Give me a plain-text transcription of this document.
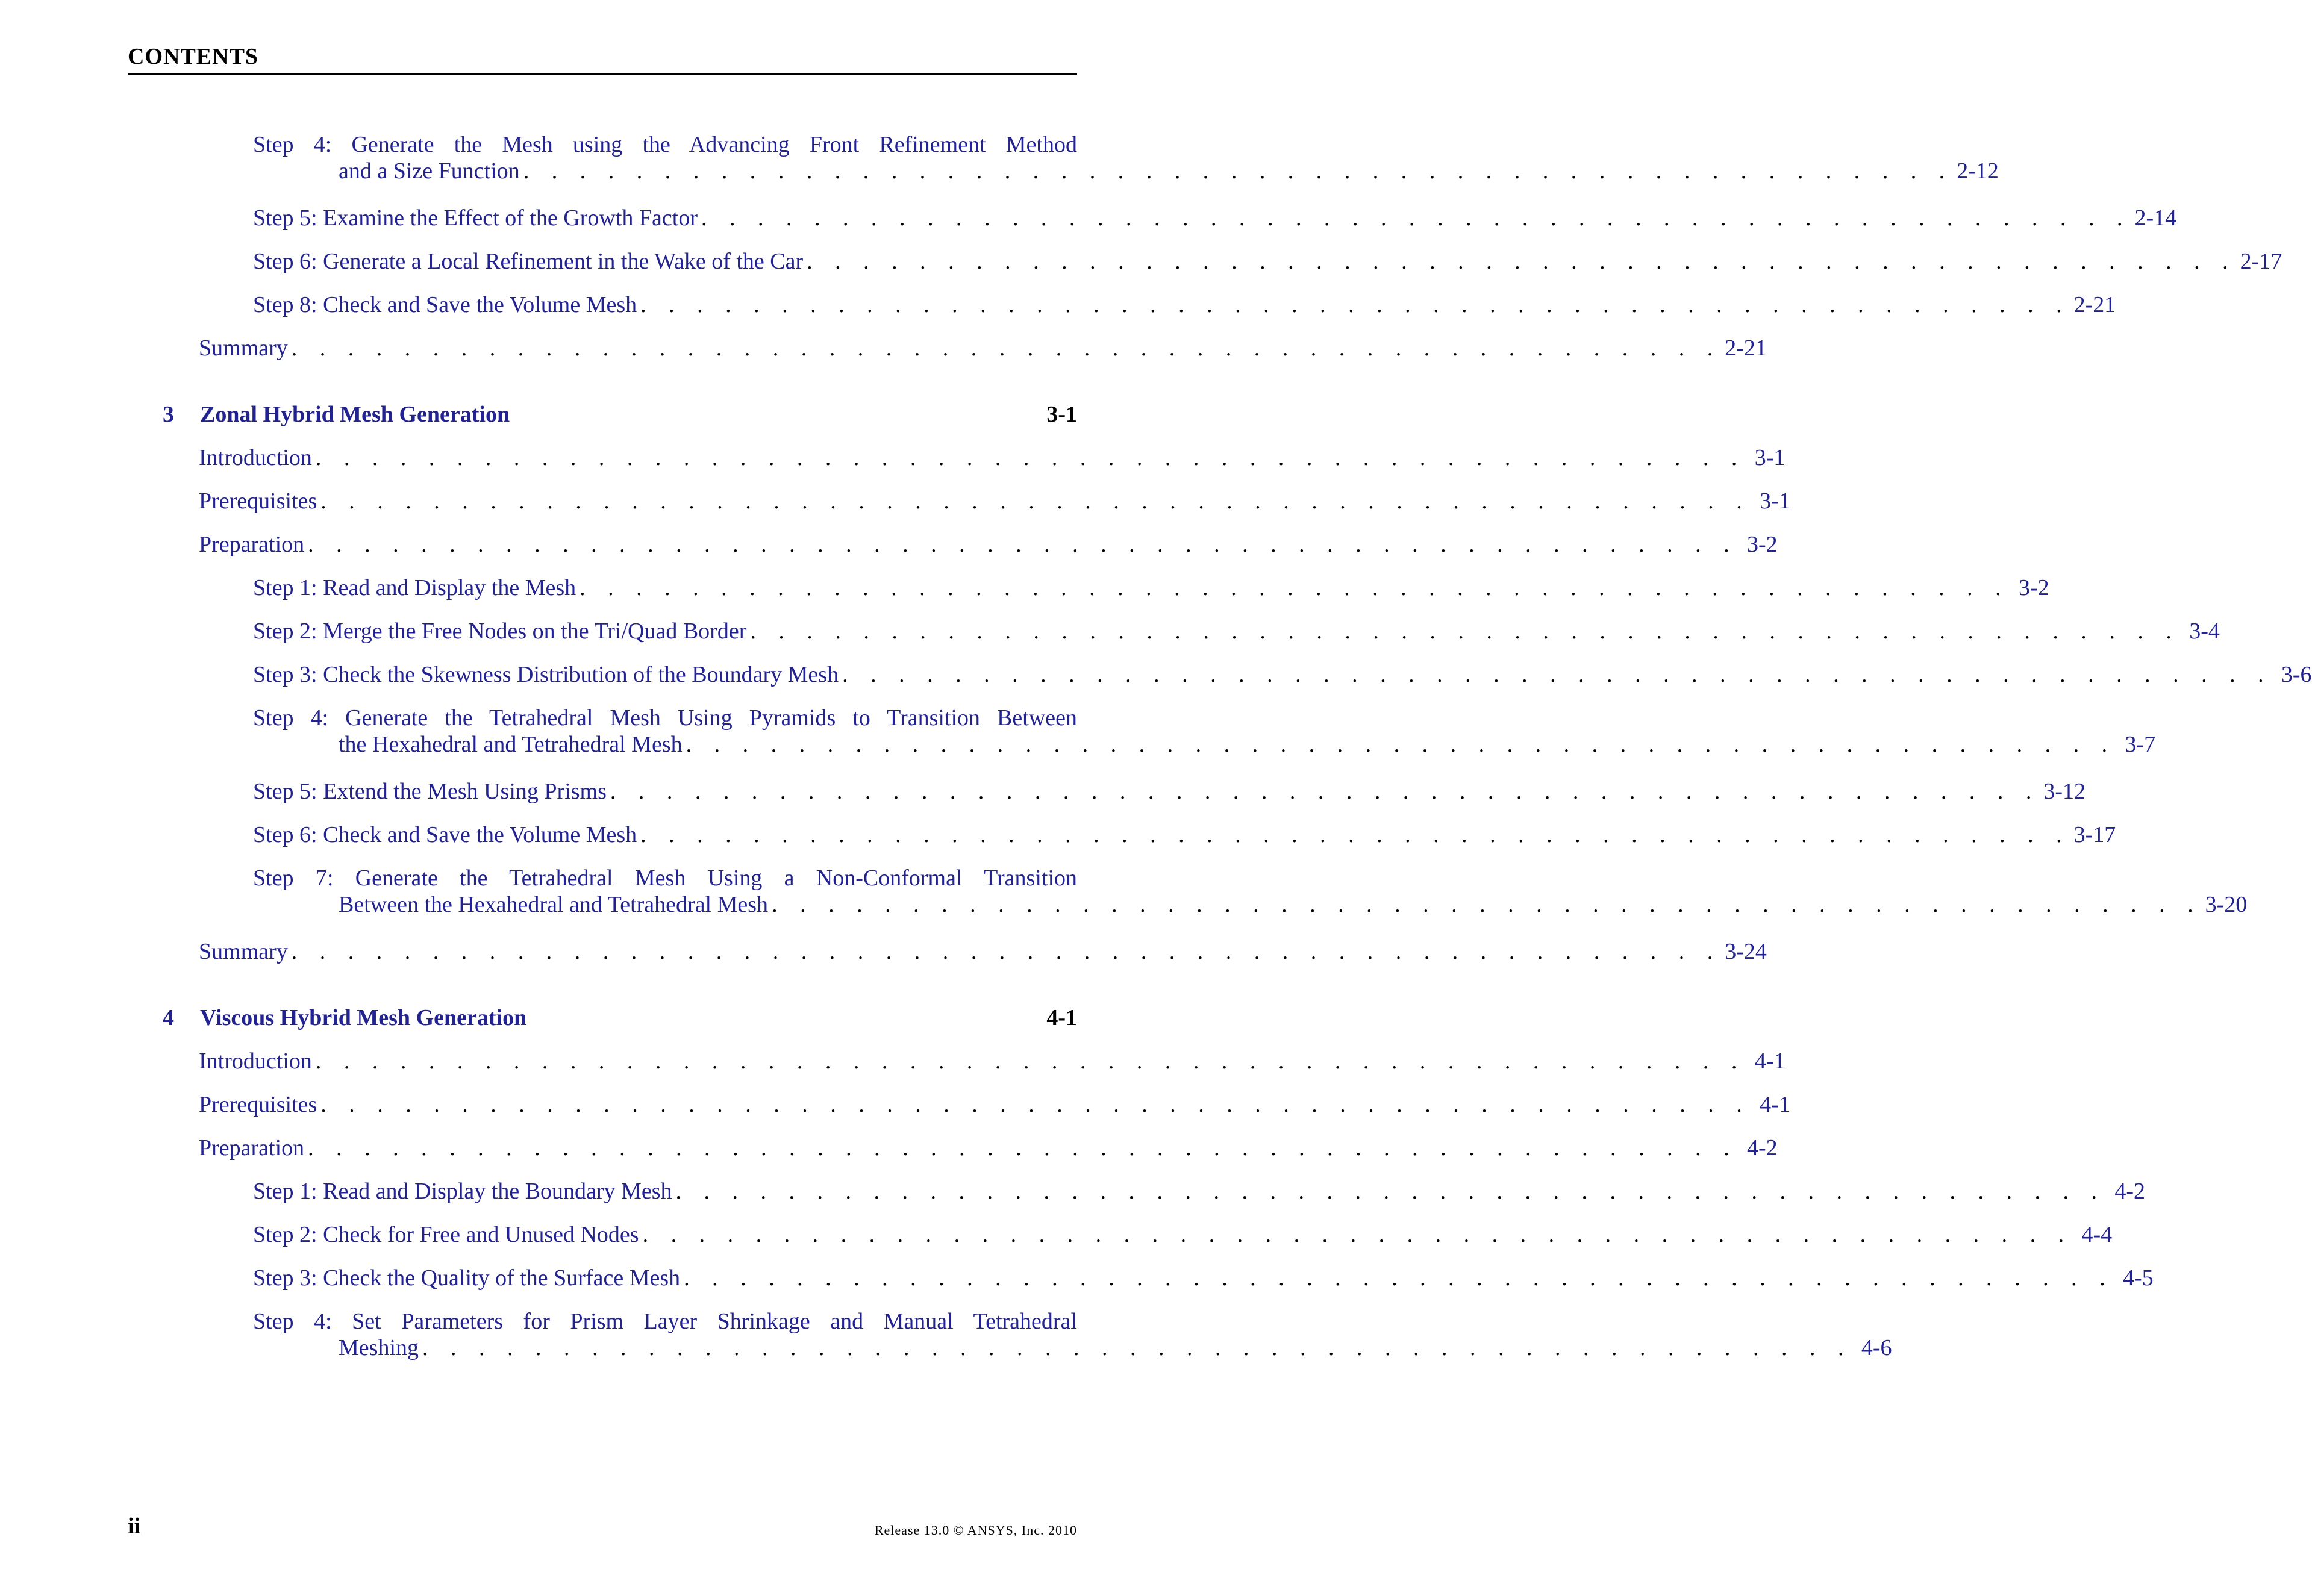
CONTENTS
Step 4: Generate the Mesh using the Advancing Front Refinement Method
and a Size Function . . . . . . . . . . . . . . . . . . . . . . . . . . . . . . . . . . . . . . . . . . . . . . . . . . . 2-12
Step 5: Examine the Effect of the Growth Factor . . . . . . . . . . . . . . . . . . . . . . . . . . . . . . . . . . . . . . . . . . . . . . . . . . . 2-14
Step 6: Generate a Local Refinement in the Wake of the Car . . . . . . . . . . . . . . . . . . . . . . . . . . . . . . . . . . . . . . . . . . . . . . . . . . . 2-17
Step 8: Check and Save the Volume Mesh . . . . . . . . . . . . . . . . . . . . . . . . . . . . . . . . . . . . . . . . . . . . . . . . . . . 2-21
Summary . . . . . . . . . . . . . . . . . . . . . . . . . . . . . . . . . . . . . . . . . . . . . . . . . . . 2-21
3 Zonal Hybrid Mesh Generation	3-1
Introduction . . . . . . . . . . . . . . . . . . . . . . . . . . . . . . . . . . . . . . . . . . . . . . . . . . . 3-1
Prerequisites . . . . . . . . . . . . . . . . . . . . . . . . . . . . . . . . . . . . . . . . . . . . . . . . . . . 3-1
Preparation . . . . . . . . . . . . . . . . . . . . . . . . . . . . . . . . . . . . . . . . . . . . . . . . . . . 3-2
Step 1: Read and Display the Mesh . . . . . . . . . . . . . . . . . . . . . . . . . . . . . . . . . . . . . . . . . . . . . . . . . . . 3-2
Step 2: Merge the Free Nodes on the Tri/Quad Border . . . . . . . . . . . . . . . . . . . . . . . . . . . . . . . . . . . . . . . . . . . . . . . . . . . 3-4
Step 3: Check the Skewness Distribution of the Boundary Mesh . . . . . . . . . . . . . . . . . . . . . . . . . . . . . . . . . . . . . . . . . . . . . . . . . . . 3-6
Step 4: Generate the Tetrahedral Mesh Using Pyramids to Transition Between
the Hexahedral and Tetrahedral Mesh . . . . . . . . . . . . . . . . . . . . . . . . . . . . . . . . . . . . . . . . . . . . . . . . . . . 3-7
Step 5: Extend the Mesh Using Prisms . . . . . . . . . . . . . . . . . . . . . . . . . . . . . . . . . . . . . . . . . . . . . . . . . . . 3-12
Step 6: Check and Save the Volume Mesh . . . . . . . . . . . . . . . . . . . . . . . . . . . . . . . . . . . . . . . . . . . . . . . . . . . 3-17
Step 7: Generate the Tetrahedral Mesh Using a Non-Conformal Transition
Between the Hexahedral and Tetrahedral Mesh . . . . . . . . . . . . . . . . . . . . . . . . . . . . . . . . . . . . . . . . . . . . . . . . . . . 3-20
Summary . . . . . . . . . . . . . . . . . . . . . . . . . . . . . . . . . . . . . . . . . . . . . . . . . . . 3-24
4 Viscous Hybrid Mesh Generation	4-1
Introduction . . . . . . . . . . . . . . . . . . . . . . . . . . . . . . . . . . . . . . . . . . . . . . . . . . . 4-1
Prerequisites . . . . . . . . . . . . . . . . . . . . . . . . . . . . . . . . . . . . . . . . . . . . . . . . . . . 4-1
Preparation . . . . . . . . . . . . . . . . . . . . . . . . . . . . . . . . . . . . . . . . . . . . . . . . . . . 4-2
Step 1: Read and Display the Boundary Mesh . . . . . . . . . . . . . . . . . . . . . . . . . . . . . . . . . . . . . . . . . . . . . . . . . . . 4-2
Step 2: Check for Free and Unused Nodes . . . . . . . . . . . . . . . . . . . . . . . . . . . . . . . . . . . . . . . . . . . . . . . . . . . 4-4
Step 3: Check the Quality of the Surface Mesh . . . . . . . . . . . . . . . . . . . . . . . . . . . . . . . . . . . . . . . . . . . . . . . . . . . 4-5
Step 4: Set Parameters for Prism Layer Shrinkage and Manual Tetrahedral
Meshing . . . . . . . . . . . . . . . . . . . . . . . . . . . . . . . . . . . . . . . . . . . . . . . . . . . 4-6
ii	Release 13.0 © ANSYS, Inc. 2010
